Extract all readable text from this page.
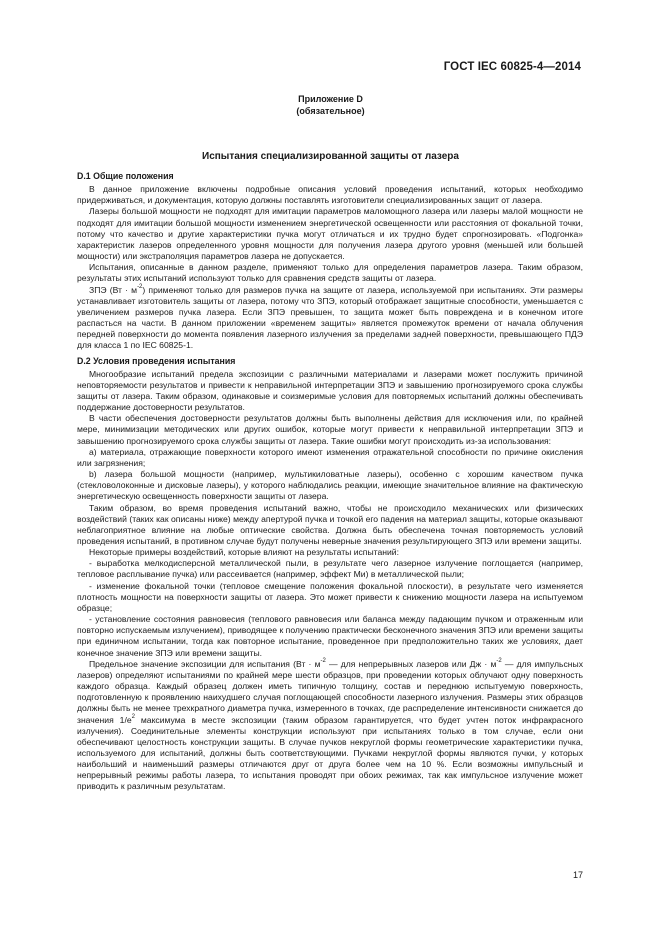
ГОСТ IEC 60825-4—2014
Приложение D
(обязательное)
Испытания специализированной защиты от лазера
D.1 Общие положения

В данное приложение включены подробные описания условий проведения испытаний, которых необходимо придерживаться, и документация, которую должны поставлять изготовители специализированных защит от лазера.

Лазеры большой мощности не подходят для имитации параметров маломощного лазера или лазеры малой мощности не подходят для имитации большой мощности изменением энергетической освещенности или расстояния от фокальной точки, потому что качество и другие характеристики пучка могут отличаться и их трудно будет спрогнозировать. «Подгонка» характеристик лазеров определенного уровня мощности для получения лазера другого уровня (меньшей или большей мощности) или экстраполяция параметров лазера не допускается.

Испытания, описанные в данном разделе, применяют только для определения параметров лазера. Таким образом, результаты этих испытаний используют только для сравнения средств защиты от лазера.

ЗПЭ $(Вт \cdot м^{-2})$ применяют только для размеров пучка на защите от лазера, используемой при испытаниях. Эти размеры устанавливает изготовитель защиты от лазера, потому что ЗПЭ, который отображает защитные способности, уменьшается с увеличением размеров пучка лазера. Если ЗПЭ превышен, то защита может быть повреждена и в конечном итоге распасться на части. В данном приложении «временем защиты» является промежуток времени от начала облучения передней поверхности до момента появления лазерного излучения за пределами задней поверхности, превышающего ПДЭ для класса 1 по IEC 60825-1.

D.2 Условия проведения испытания

Многообразие испытаний предела экспозиции с различными материалами и лазерами может послужить причиной неповторяемости результатов и привести к неправильной интерпретации ЗПЭ и завышению прогнозируемого срока службы защиты от лазера. Таким образом, одинаковые и соизмеримые условия для повторяемых испытаний должны обеспечивать поддержание достоверности результатов.

В части обеспечения достоверности результатов должны быть выполнены действия для исключения или, по крайней мере, минимизации методических или других ошибок, которые могут привести к неправильной интерпретации ЗПЭ и завышению прогнозируемого срока службы защиты от лазера. Такие ошибки могут происходить из-за использования:

а) материала, отражающие поверхности которого имеют изменения отражательной способности по причине окисления или загрязнения;

b) лазера большой мощности (например, мультикиловатные лазеры), особенно с хорошим качеством пучка (стекловолоконные и дисковые лазеры), у которого наблюдались реакции, имеющие значительное влияние на фактическую энергетическую освещенность поверхности защиты от лазера.

Таким образом, во время проведения испытаний важно, чтобы не происходило механических или физических воздействий (таких как описаны ниже) между апертурой пучка и точкой его падения на материал защиты, которые оказывают неблагоприятное влияние на любые оптические свойства. Должна быть обеспечена точная повторяемость условий проведения испытаний, в противном случае будут получены неверные значения результирующего ЗПЭ или времени защиты.

Некоторые примеры воздействий, которые влияют на результаты испытаний:

- выработка мелкодисперсной металлической пыли, в результате чего лазерное излучение поглощается (например, тепловое расплывание пучка) или рассеивается (например, эффект Ми) в металлической пыли;

- изменение фокальной точки (тепловое смещение положения фокальной плоскости), в результате чего изменяется плотность мощности на поверхности защиты от лазера. Это может привести к снижению мощности лазера на испытуемом образце;

- установление состояния равновесия (теплового равновесия или баланса между падающим пучком и отраженным или повторно испускаемым излучением), приводящее к получению практически бесконечного значения ЗПЭ или времени защиты при единичном испытании, тогда как повторное испытание, проведенное при предположительно таких же условиях, дает конечное значение ЗПЭ или времени защиты.

Предельное значение экспозиции для испытания ($Вт \cdot м^{-2}$ — для непрерывных лазеров или Дж · $м^{-2}$ — для импульсных лазеров) определяют испытаниями по крайней мере шести образцов, при проведении которых облучают одну поверхность каждого образца. Каждый образец должен иметь типичную толщину, состав и переднюю испытуемую поверхность, подготовленную к проявлению наихудшего случая поглощающей способности лазерного излучения. Размеры этих образцов должны быть не менее трехкратного диаметра пучка, измеренного в точках, где распределение интенсивности снижается до значения $1/e^2$ максимума в месте экспозиции (таким образом гарантируется, что будет учтен поток инфракрасного излучения). Соединительные элементы конструкции используют при испытаниях только в том случае, если они обеспечивают целостность конструкции защиты. В случае пучков некруглой формы геометрические характеристики пучка, используемого для испытаний, должны быть соответствующими. Пучками некруглой формы являются пучки, у которых наибольший и наименьший размеры отличаются друг от друга более чем на 10 %. Если возможны импульсный и непрерывный режимы работы лазера, то испытания проводят при обоих режимах, так как импульсное излучение может приводить к различным результатам.

17
